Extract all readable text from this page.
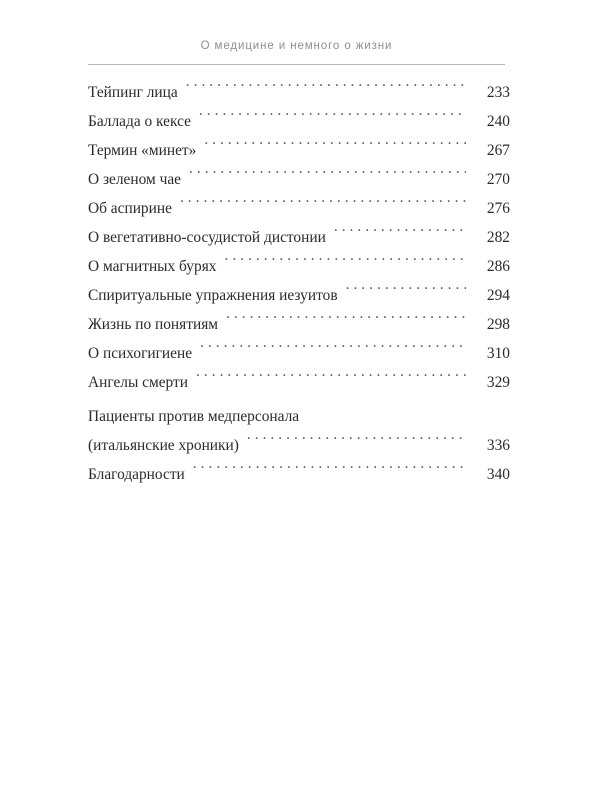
О медицине и немного о жизни
Тейпинг лица .....	233
Баллада о кексе .....	240
Термин «минет» .....	267
О зеленом чае .....	270
Об аспирине .....	276
О вегетативно-сосудистой дистонии .....	282
О магнитных бурях .....	286
Спиритуальные упражнения иезуитов .....	294
Жизнь по понятиям .....	298
О психогигиене .....	310
Ангелы смерти .....	329
Пациенты против медперсонала
(итальянские хроники) .....	336
Благодарности .....	340
